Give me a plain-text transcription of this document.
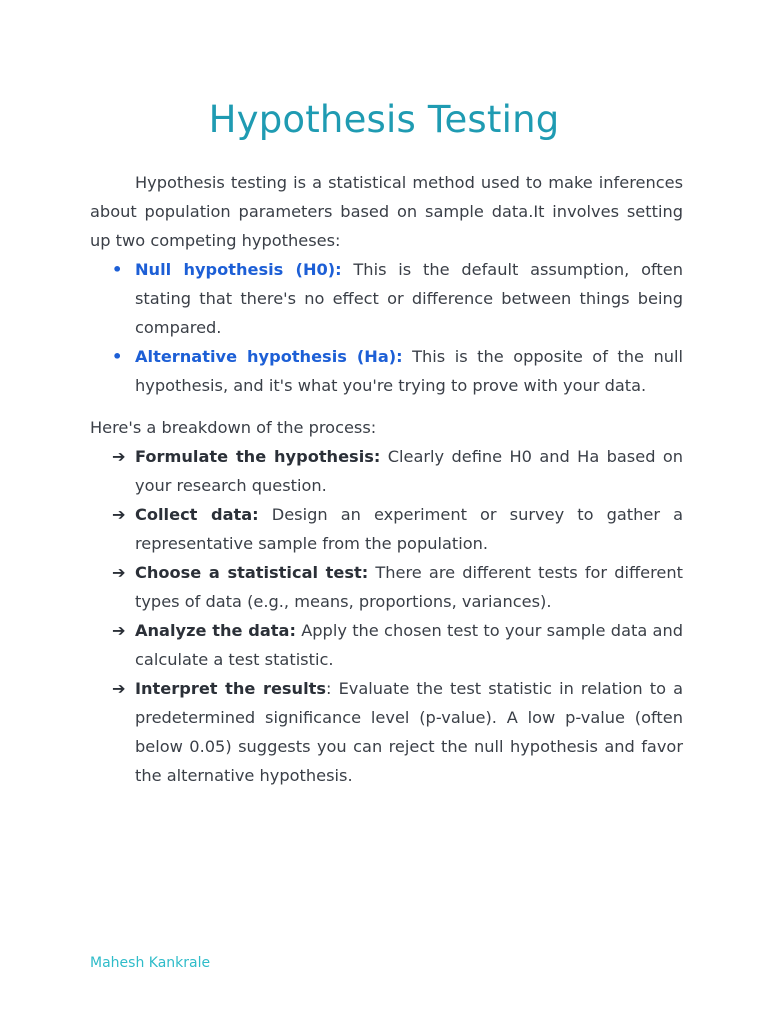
Hypothesis Testing

Hypothesis testing is a statistical method used to make inferences about population parameters based on sample data.It involves setting up two competing hypotheses:

• Null hypothesis (H0): This is the default assumption, often stating that there's no effect or difference between things being compared.
• Alternative hypothesis (Ha): This is the opposite of the null hypothesis, and it's what you're trying to prove with your data.

Here's a breakdown of the process:

➔ Formulate the hypothesis: Clearly define H0 and Ha based on your research question.
➔ Collect data: Design an experiment or survey to gather a representative sample from the population.
➔ Choose a statistical test: There are different tests for different types of data (e.g., means, proportions, variances).
➔ Analyze the data: Apply the chosen test to your sample data and calculate a test statistic.
➔ Interpret the results: Evaluate the test statistic in relation to a predetermined significance level (p-value). A low p-value (often below 0.05) suggests you can reject the null hypothesis and favor the alternative hypothesis.
Mahesh Kankrale
